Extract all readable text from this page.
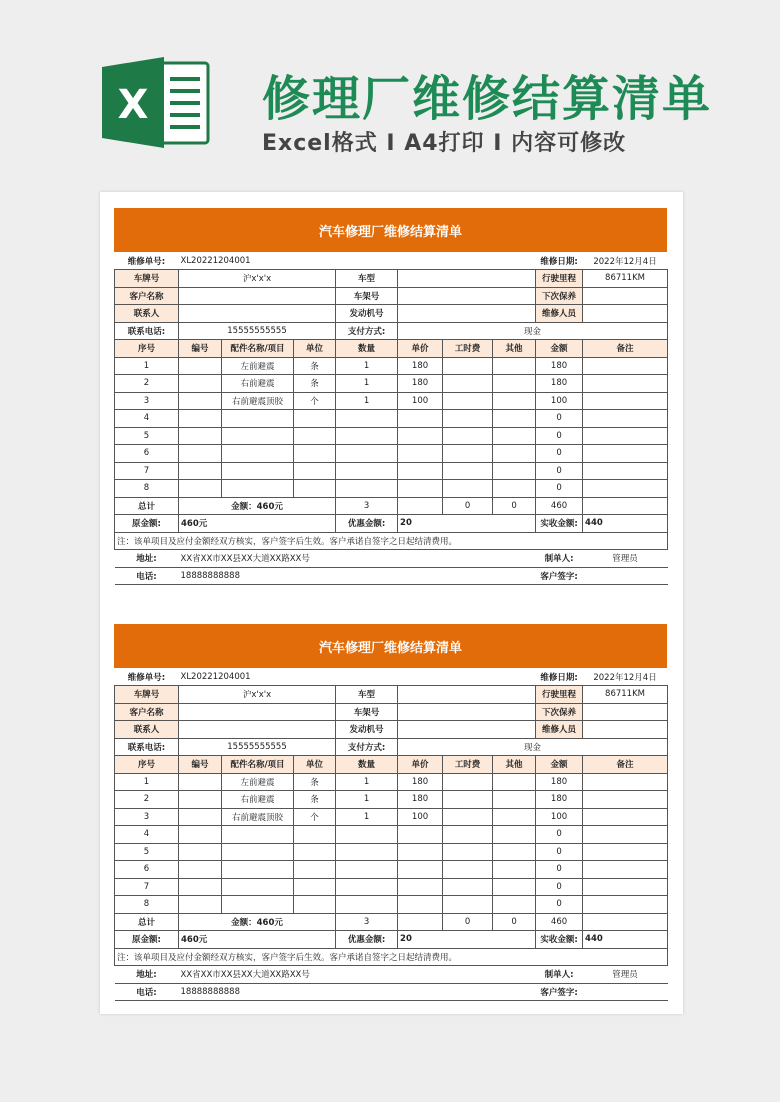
X 修理厂维修结算清单
Excel格式 I A4打印 I 内容可修改
汽车修理厂维修结算清单
维修单号:	XL20221204001							维修日期:	2022年12月4日
车牌号	沪x'x'x			车型				行驶里程	86711KM
客户名称				车架号				下次保养	
联系人				发动机号				维修人员	
联系电话:	15555555555			支付方式:	现金				
序号	编号	配件名称/项目	单位	数量	单价	工时费	其他	金额	备注
1		左前避震	条	1	180			180	
2		右前避震	条	1	180			180	
3		右前避震顶胶	个	1	100			100	
4								0	
5								0	
6								0	
7								0	
8								0	
总计	金额：460元			3		0	0	460	
原金额:	460元			优惠金额:	20			实收金额:	440
注：该单项目及应付金额经双方核实，客户签字后生效。客户承诺自签字之日起结清费用。									
地址:	XX省XX市XX县XX大道XX路XX号							制单人:	管理员
电话:	18888888888							客户签字:	
汽车修理厂维修结算清单
维修单号:	XL20221204001							维修日期:	2022年12月4日
车牌号	沪x'x'x			车型				行驶里程	86711KM
客户名称				车架号				下次保养	
联系人				发动机号				维修人员	
联系电话:	15555555555			支付方式:	现金				
序号	编号	配件名称/项目	单位	数量	单价	工时费	其他	金额	备注
1		左前避震	条	1	180			180	
2		右前避震	条	1	180			180	
3		右前避震顶胶	个	1	100			100	
4								0	
5								0	
6								0	
7								0	
8								0	
总计	金额：460元			3		0	0	460	
原金额:	460元			优惠金额:	20			实收金额:	440
注：该单项目及应付金额经双方核实，客户签字后生效。客户承诺自签字之日起结清费用。									
地址:	XX省XX市XX县XX大道XX路XX号							制单人:	管理员
电话:	18888888888							客户签字:	
